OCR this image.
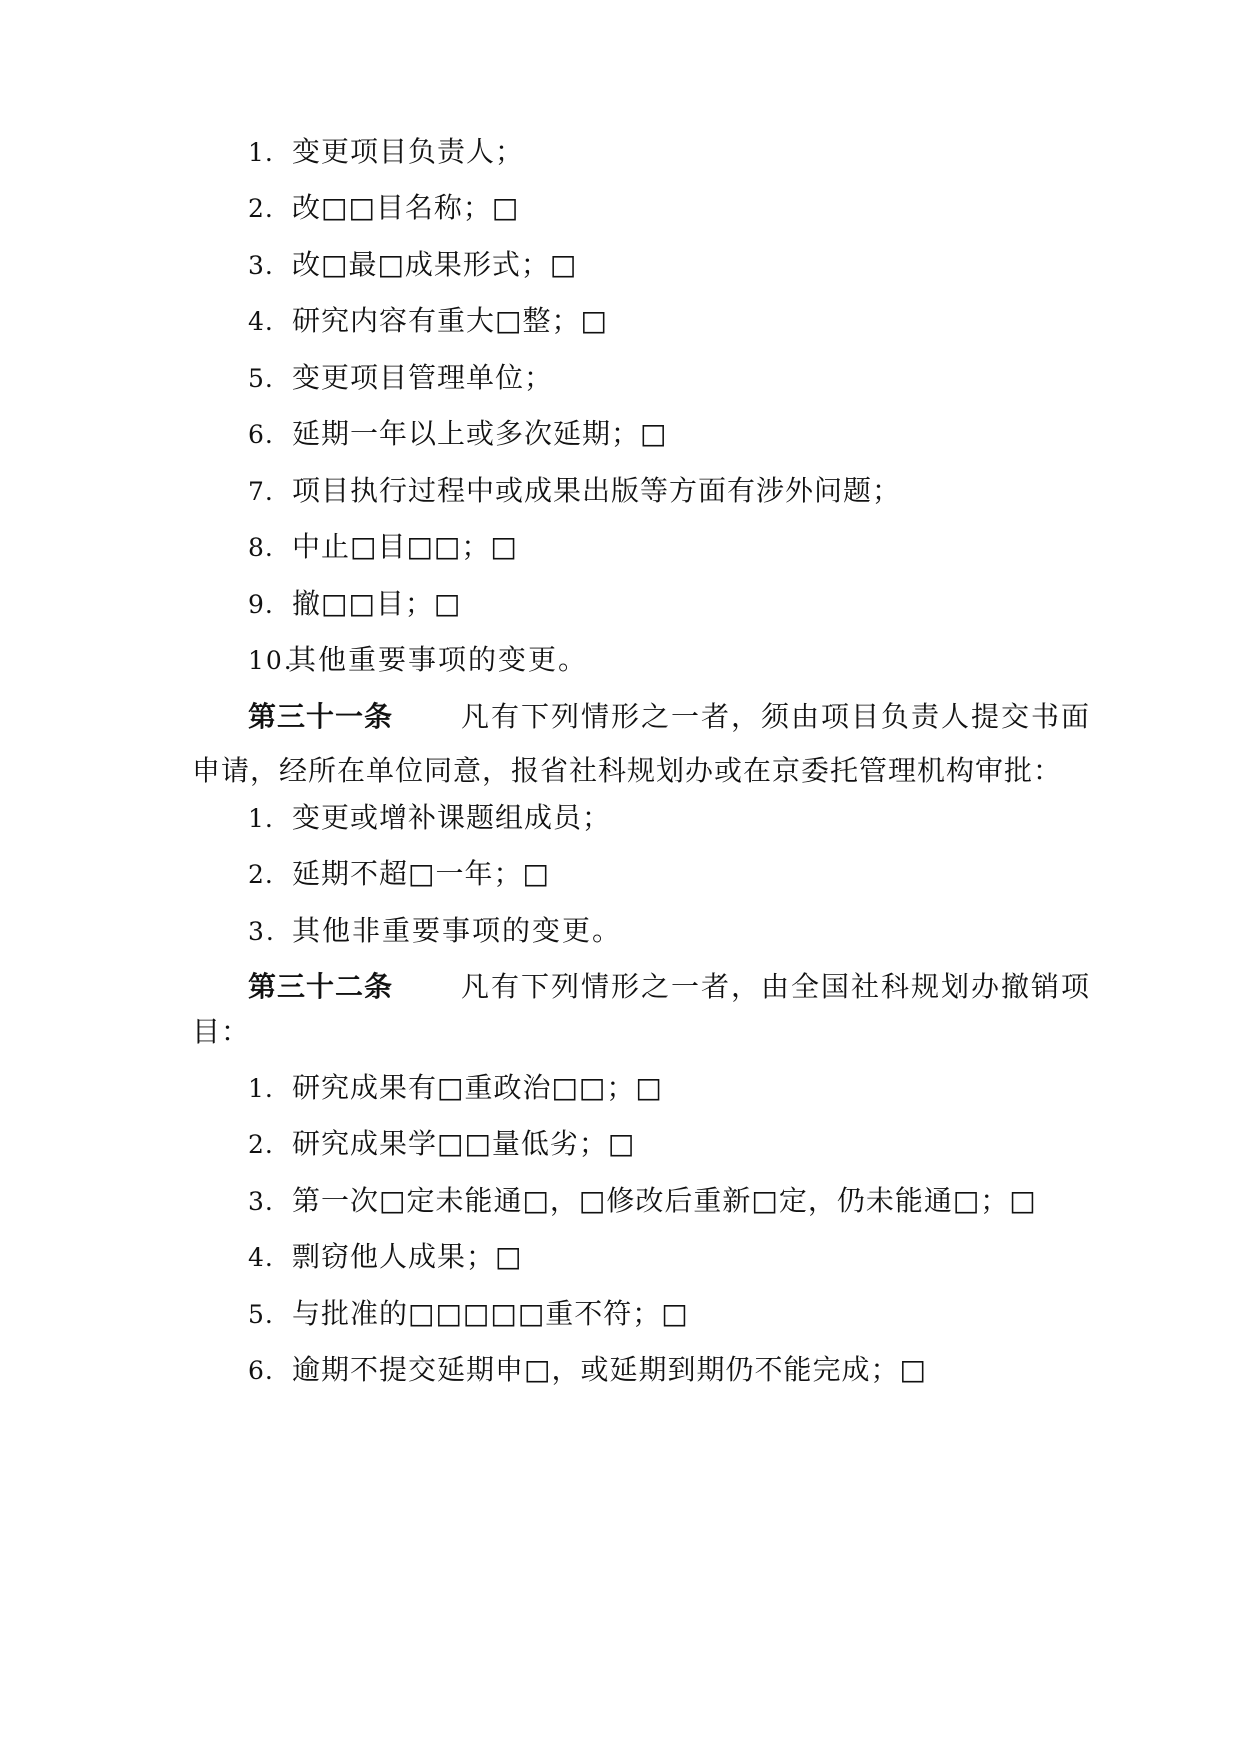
1. 变更项目负责人；
2. 改□□目名称；□
3. 改□最□成果形式；□
4. 研究内容有重大□整；□
5. 变更项目管理单位；
6. 延期一年以上或多次延期；□
7. 项目执行过程中或成果出版等方面有涉外问题；
8. 中止□目□□；□
9. 撤□□目；□
10.其他重要事项的变更。
第三十一条 凡有下列情形之一者，须由项目负责人提交书面
申请，经所在单位同意，报省社科规划办或在京委托管理机构审批：
1. 变更或增补课题组成员；
2. 延期不超□一年；□
3. 其他非重要事项的变更。
第三十二条 凡有下列情形之一者，由全国社科规划办撤销项
目：
1. 研究成果有□重政治□□；□
2. 研究成果学□□量低劣；□
3. 第一次□定未能通□，□修改后重新□定，仍未能通□；□
4. 剽窃他人成果；□
5. 与批准的□□□□□重不符；□
6. 逾期不提交延期申□，或延期到期仍不能完成；□
